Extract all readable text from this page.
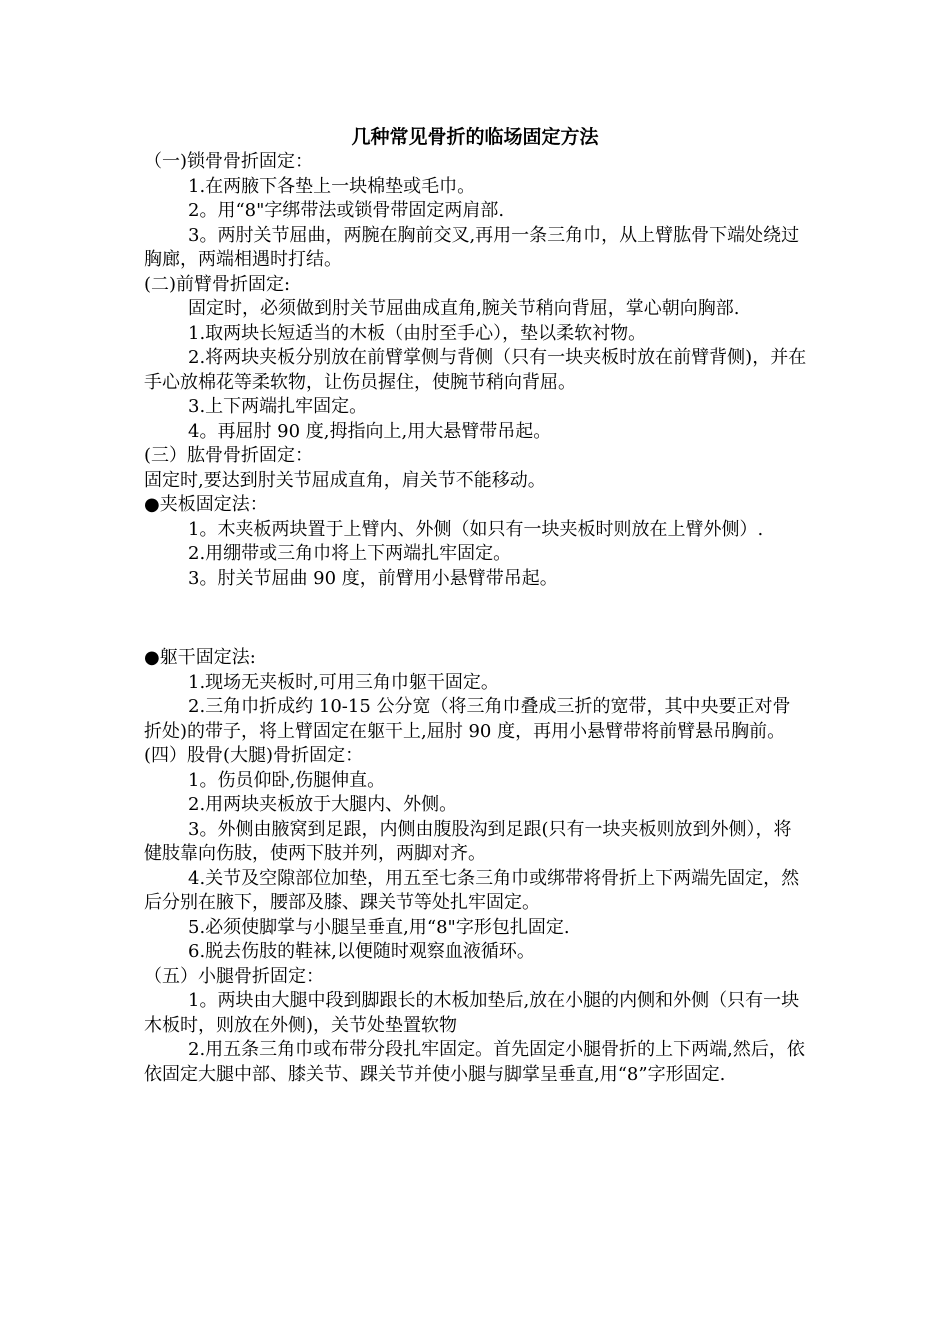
几种常见骨折的临场固定方法

（一)锁骨骨折固定：

1.在两腋下各垫上一块棉垫或毛巾。

2。用“8"字绑带法或锁骨带固定两肩部.

3。两肘关节屈曲，两腕在胸前交叉,再用一条三角巾，从上臂肱骨下端处绕过胸廊，两端相遇时打结。

(二)前臂骨折固定:

固定时，必须做到肘关节屈曲成直角,腕关节稍向背屈，掌心朝向胸部.

1.取两块长短适当的木板（由肘至手心），垫以柔软衬物。

2.将两块夹板分别放在前臂掌侧与背侧（只有一块夹板时放在前臂背侧)，并在手心放棉花等柔软物，让伤员握住，使腕节稍向背屈。

3.上下两端扎牢固定。

4。再屈肘 90 度,拇指向上,用大悬臂带吊起。

(三）肱骨骨折固定：

固定时,要达到肘关节屈成直角，肩关节不能移动。

●夹板固定法：

1。木夹板两块置于上臂内、外侧（如只有一块夹板时则放在上臂外侧）.

2.用绷带或三角巾将上下两端扎牢固定。

3。肘关节屈曲 90 度，前臂用小悬臂带吊起。

●躯干固定法:

1.现场无夹板时,可用三角巾躯干固定。

2.三角巾折成约 10-15 公分宽（将三角巾叠成三折的宽带，其中央要正对骨折处)的带子，将上臂固定在躯干上,屈肘 90 度，再用小悬臂带将前臂悬吊胸前。

(四）股骨(大腿)骨折固定：

1。伤员仰卧,伤腿伸直。

2.用两块夹板放于大腿内、外侧。

3。外侧由腋窝到足跟，内侧由腹股沟到足跟(只有一块夹板则放到外侧），将健肢靠向伤肢，使两下肢并列，两脚对齐。

4.关节及空隙部位加垫，用五至七条三角巾或绑带将骨折上下两端先固定，然后分别在腋下，腰部及膝、踝关节等处扎牢固定。

5.必须使脚掌与小腿呈垂直,用“8"字形包扎固定.

6.脱去伤肢的鞋袜,以便随时观察血液循环。

（五）小腿骨折固定：

1。两块由大腿中段到脚跟长的木板加垫后,放在小腿的内侧和外侧（只有一块木板时，则放在外侧)，关节处垫置软物

2.用五条三角巾或布带分段扎牢固定。首先固定小腿骨折的上下两端,然后，依依固定大腿中部、膝关节、踝关节并使小腿与脚掌呈垂直,用“8”字形固定.
